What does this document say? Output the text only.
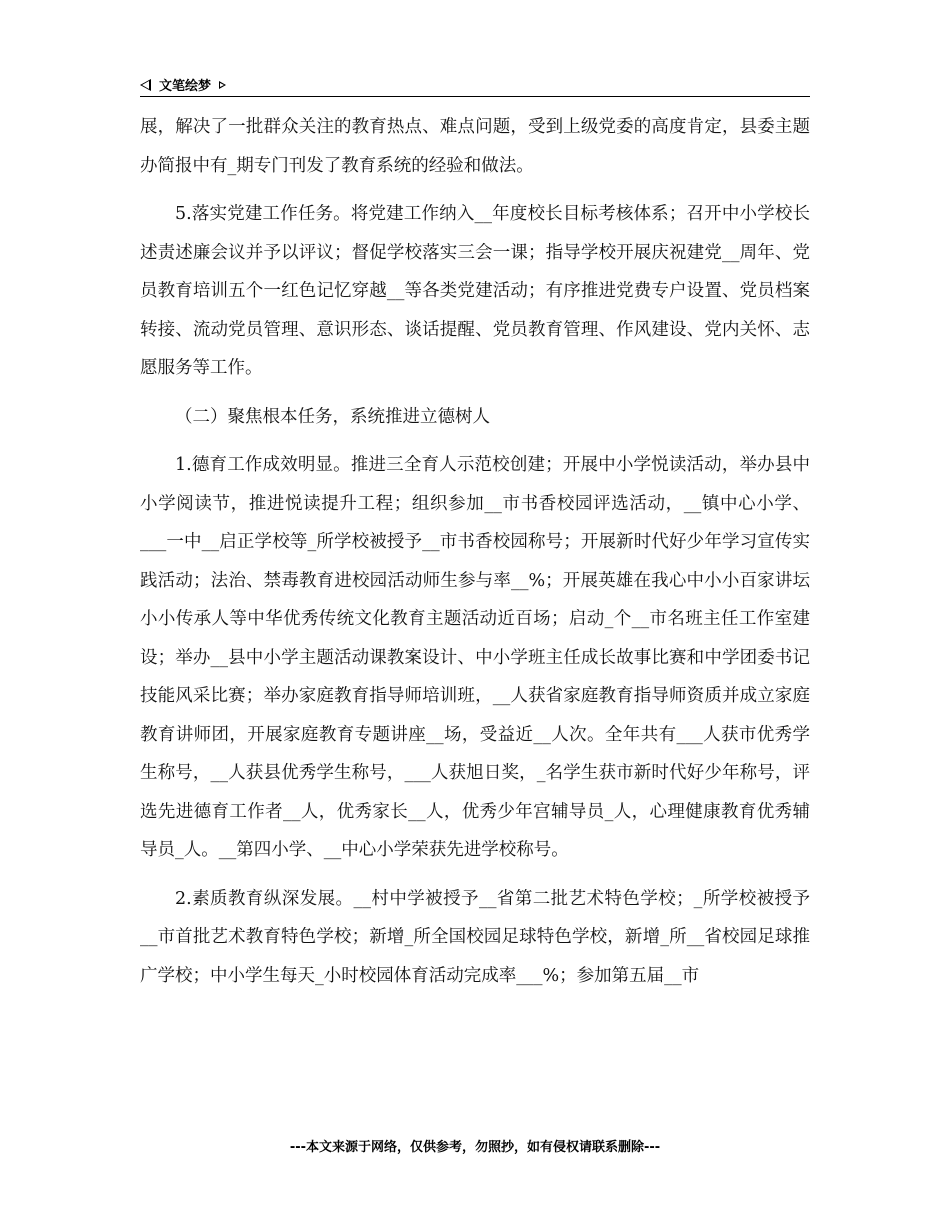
文笔绘梦

展，解决了一批群众关注的教育热点、难点问题，受到上级党委的高度肯定，县委主题办简报中有_期专门刊发了教育系统的经验和做法。

5.落实党建工作任务。将党建工作纳入__年度校长目标考核体系；召开中小学校长述责述廉会议并予以评议；督促学校落实三会一课；指导学校开展庆祝建党__周年、党员教育培训五个一红色记忆穿越__等各类党建活动；有序推进党费专户设置、党员档案转接、流动党员管理、意识形态、谈话提醒、党员教育管理、作风建设、党内关怀、志愿服务等工作。

（二）聚焦根本任务，系统推进立德树人

1.德育工作成效明显。推进三全育人示范校创建；开展中小学悦读活动，举办县中小学阅读节，推进悦读提升工程；组织参加__市书香校园评选活动，__镇中心小学、___一中__启正学校等_所学校被授予__市书香校园称号；开展新时代好少年学习宣传实践活动；法治、禁毒教育进校园活动师生参与率__%；开展英雄在我心中小小百家讲坛小小传承人等中华优秀传统文化教育主题活动近百场；启动_个__市名班主任工作室建设；举办__县中小学主题活动课教案设计、中小学班主任成长故事比赛和中学团委书记技能风采比赛；举办家庭教育指导师培训班，__人获省家庭教育指导师资质并成立家庭教育讲师团，开展家庭教育专题讲座__场，受益近__人次。全年共有___人获市优秀学生称号，__人获县优秀学生称号，___人获旭日奖，_名学生获市新时代好少年称号，评选先进德育工作者__人，优秀家长__人，优秀少年宫辅导员_人，心理健康教育优秀辅导员_人。__第四小学、__中心小学荣获先进学校称号。

2.素质教育纵深发展。__村中学被授予__省第二批艺术特色学校；_所学校被授予__市首批艺术教育特色学校；新增_所全国校园足球特色学校，新增_所__省校园足球推广学校；中小学生每天_小时校园体育活动完成率___%；参加第五届__市

---本文来源于网络，仅供参考，勿照抄，如有侵权请联系删除---
